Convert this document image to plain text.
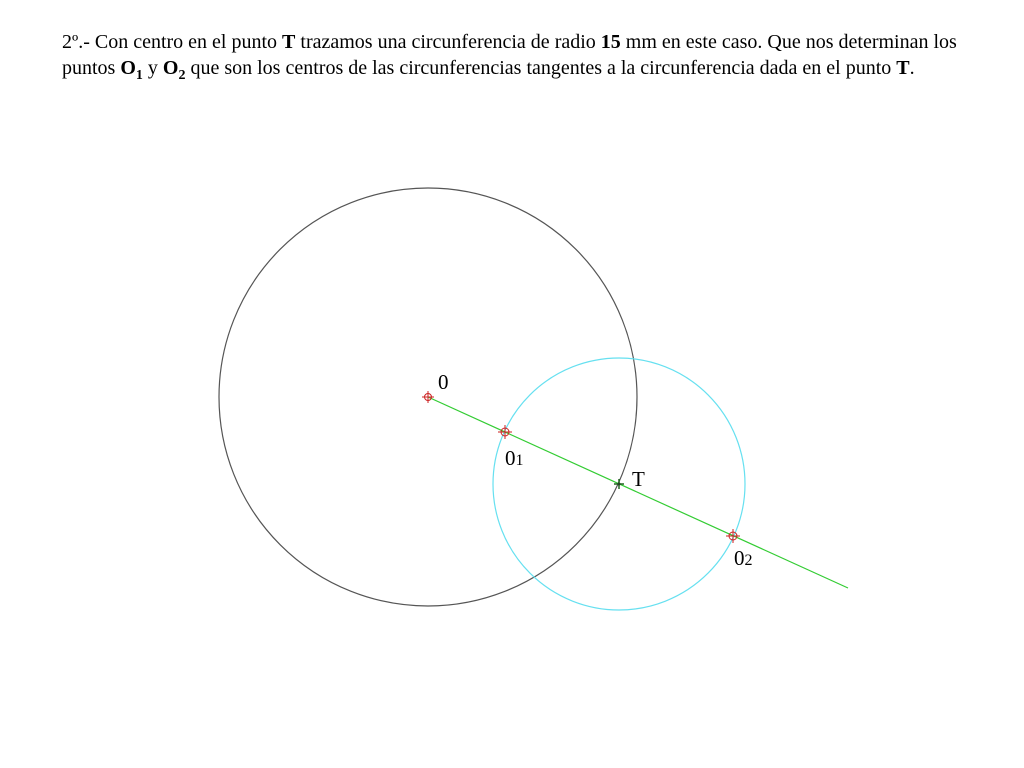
2º.- Con centro en el punto T trazamos una circunferencia de radio 15 mm en este caso. Que nos determinan los puntos $O_1$ y $O_2$ que son los centros de las circunferencias tangentes a la circunferencia dada en el punto T.

0
01
T
02
